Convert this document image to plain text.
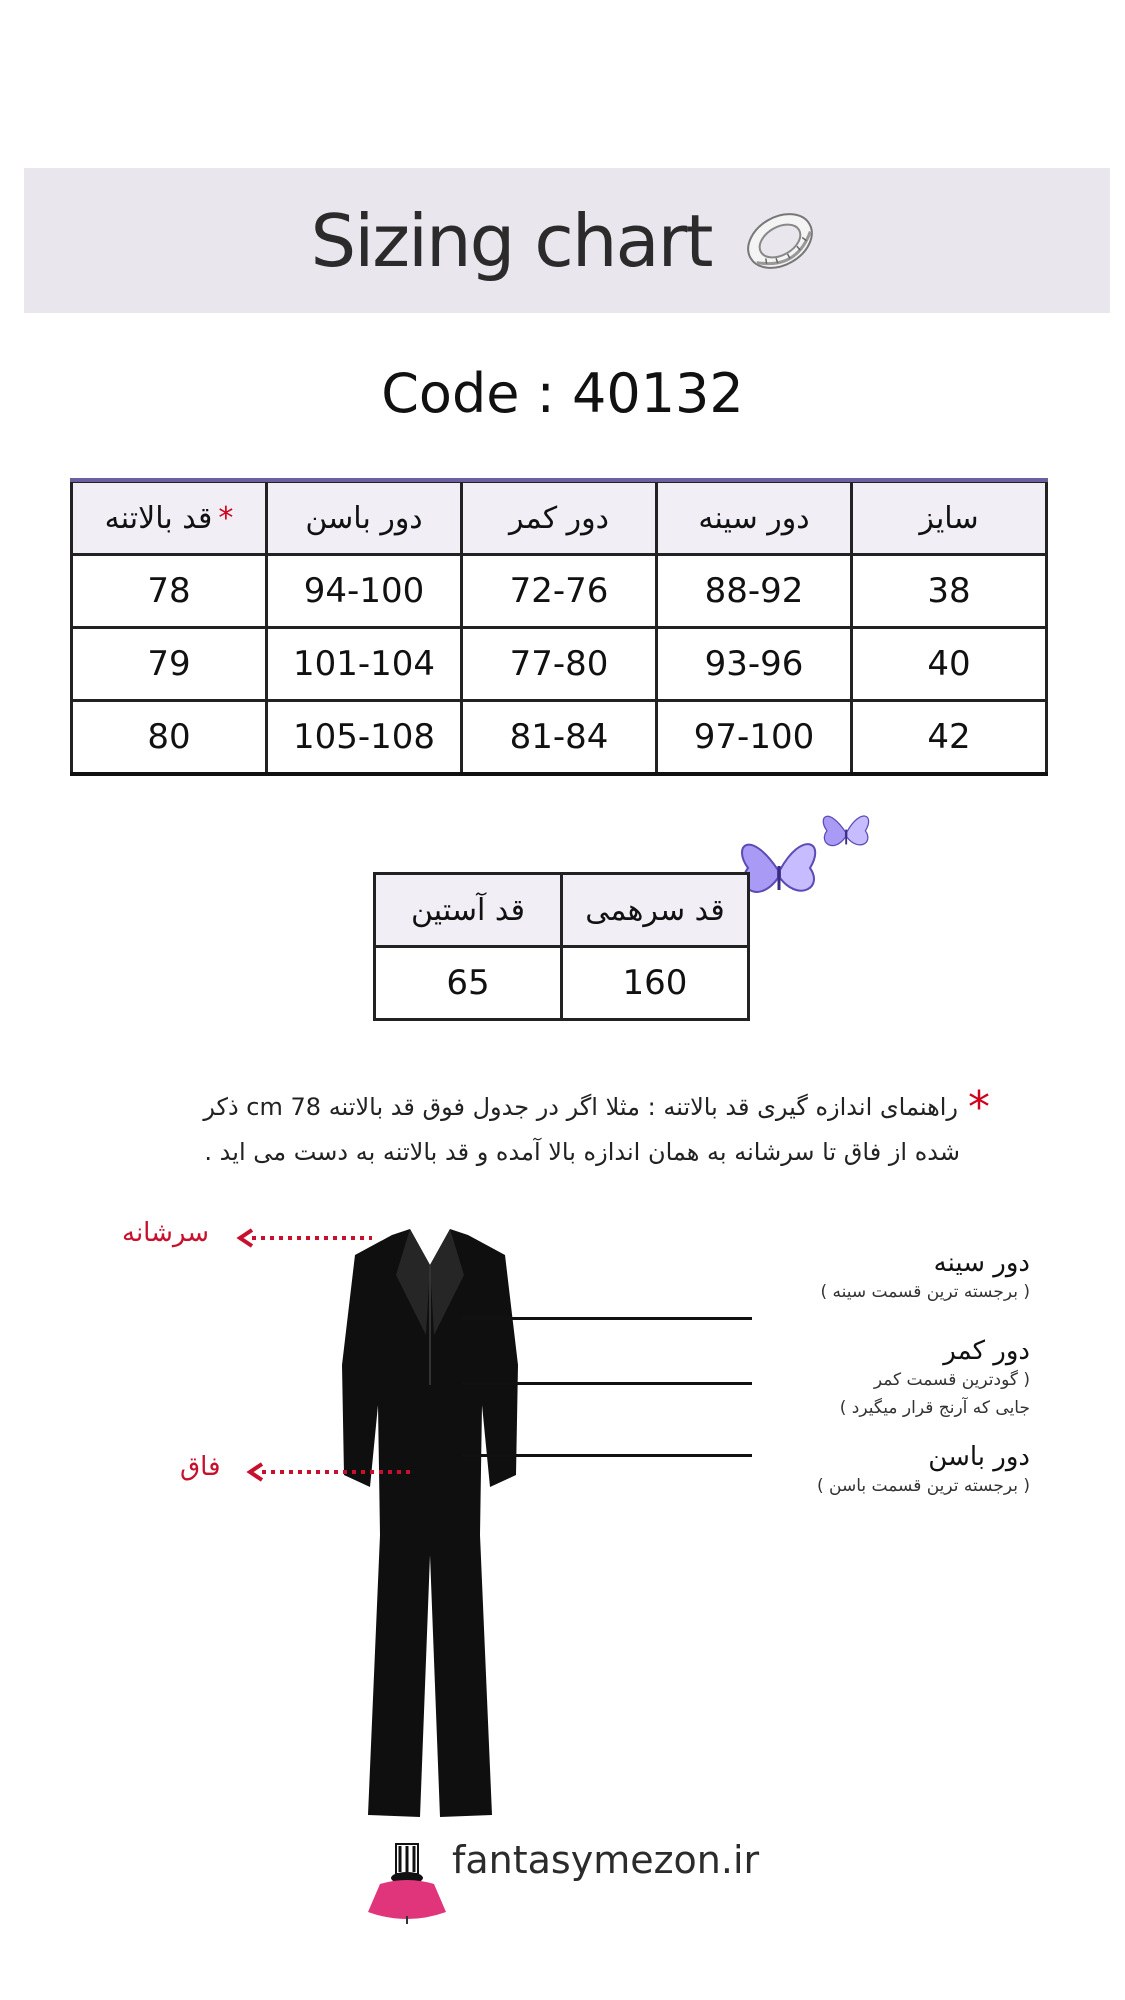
Sizing chart
Code : 40132
قد بالاتنه *	دور باسن	دور کمر	دور سینه	سایز
78	94-100	72-76	88-92	38
79	101-104	77-80	93-96	40
80	105-108	81-84	97-100	42
قد آستین	قد سرهمی
65	160
*راهنمای اندازه گیری قد بالاتنه : مثلا اگر در جدول فوق قد بالاتنه 78 cm ذکر
شده از فاق تا سرشانه به همان اندازه بالا آمده و قد بالاتنه به دست می اید .
سرشانه
فاق
دور سینه
( برجسته ترین قسمت سینه )
دور کمر
( گودترین قسمت کمر
جایی که آرنج قرار میگیرد )
دور باسن
( برجسته ترین قسمت باسن )
fantasymezon.ir
